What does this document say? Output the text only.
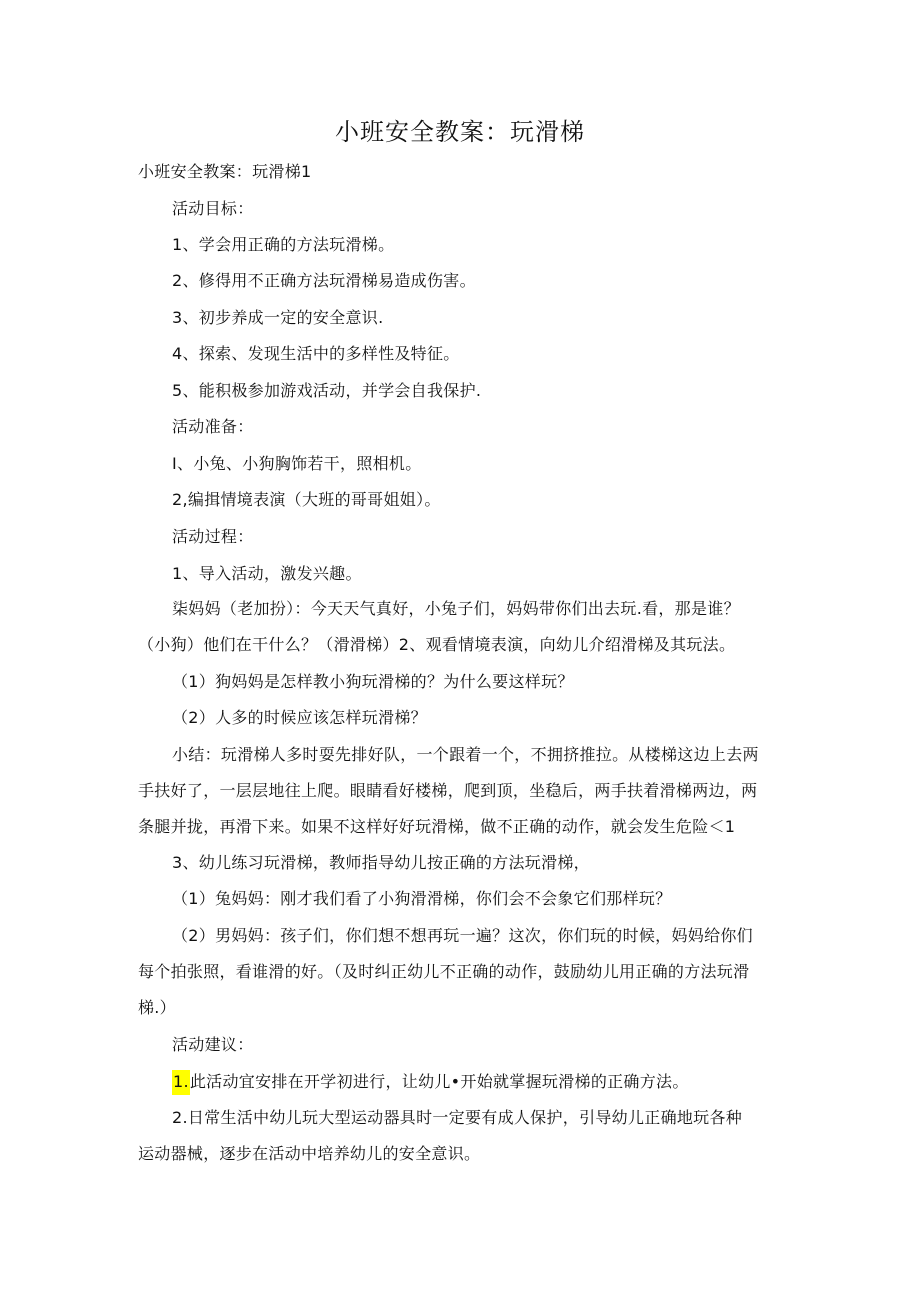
小班安全教案：玩滑梯
小班安全教案：玩滑梯1
活动目标：
1、学会用正确的方法玩滑梯。
2、修得用不正确方法玩滑梯易造成伤害。
3、初步养成一定的安全意识.
4、探索、发现生活中的多样性及特征。
5、能积极参加游戏活动，并学会自我保护.
活动准备：
I、小兔、小狗胸饰若干，照相机。
2,编揖情境表演（大班的哥哥姐姐）。
活动过程：
1、导入活动，激发兴趣。
柒妈妈（老加扮）：今天天气真好，小兔子们，妈妈带你们出去玩.看，那是谁？
（小狗）他们在干什么？（滑滑梯）2、观看情境表演，向幼儿介绍滑梯及其玩法。
（1）狗妈妈是怎样教小狗玩滑梯的？为什么要这样玩？
（2）人多的时候应该怎样玩滑梯？
小结：玩滑梯人多时耍先排好队，一个跟着一个，不拥挤推拉。从楼梯这边上去两
手扶好了，一层层地往上爬。眼睛看好楼梯，爬到顶，坐稳后，两手扶着滑梯两边，两
条腿并拢，再滑下来。如果不这样好好玩滑梯，做不正确的动作，就会发生危险＜1
3、幼儿练习玩滑梯，教师指导幼儿按正确的方法玩滑梯，
（1）兔妈妈：刚才我们看了小狗滑滑梯，你们会不会象它们那样玩？
（2）男妈妈：孩子们，你们想不想再玩一遍？这次，你们玩的时候，妈妈给你们
每个拍张照，看谁滑的好。（及时纠正幼儿不正确的动作，鼓励幼儿用正确的方法玩滑
梯.）
活动建议：
1.此活动宜安排在开学初进行，让幼儿•开始就掌握玩滑梯的正确方法。
2.日常生活中幼儿玩大型运动器具时一定要有成人保护，引导幼儿正确地玩各种
运动器械，逐步在活动中培养幼儿的安全意识。
